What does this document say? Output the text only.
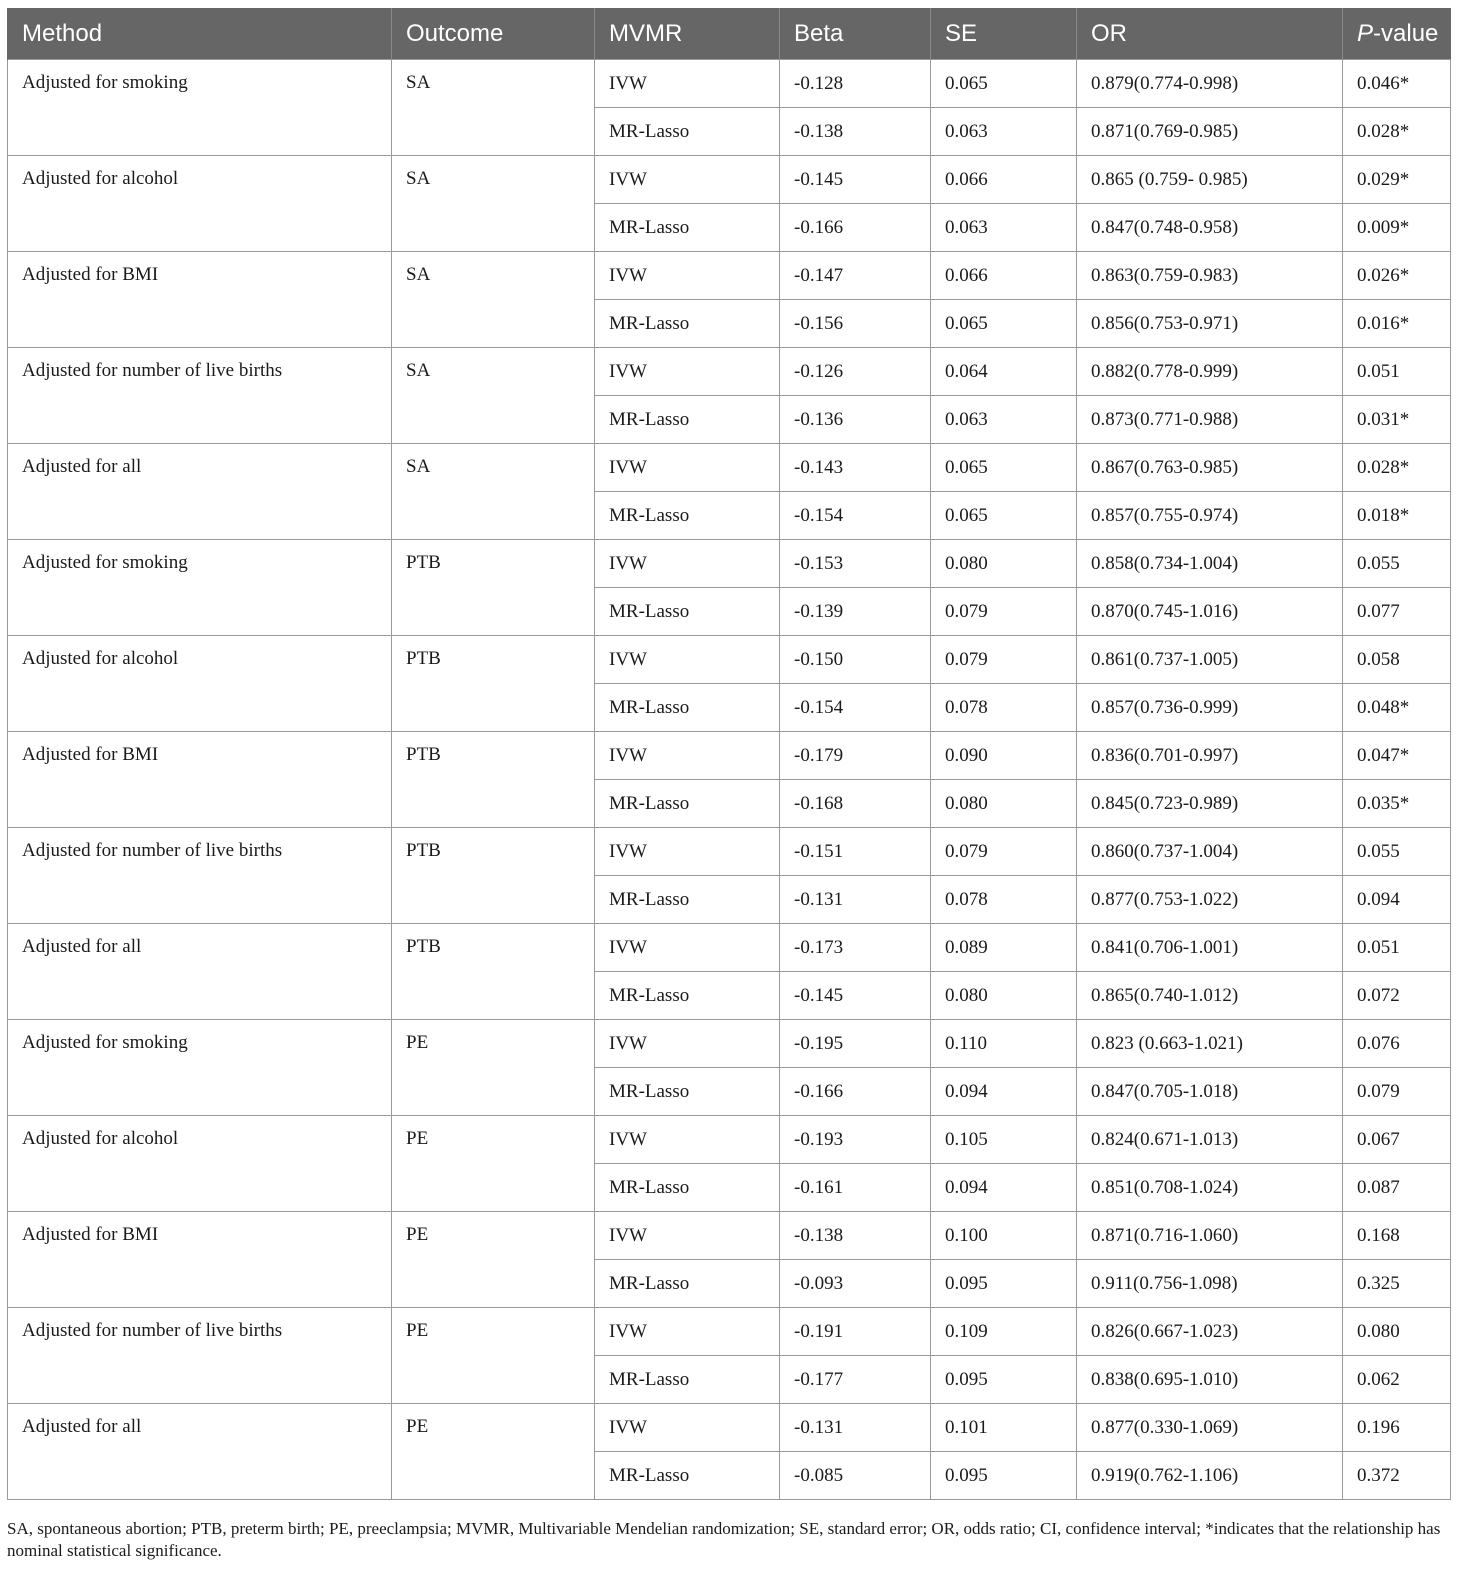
Method	Outcome	MVMR	Beta	SE	OR	P-value
Adjusted for smoking	SA	IVW	-0.128	0.065	0.879(0.774-0.998)	0.046*
		MR-Lasso	-0.138	0.063	0.871(0.769-0.985)	0.028*
Adjusted for alcohol	SA	IVW	-0.145	0.066	0.865 (0.759- 0.985)	0.029*
		MR-Lasso	-0.166	0.063	0.847(0.748-0.958)	0.009*
Adjusted for BMI	SA	IVW	-0.147	0.066	0.863(0.759-0.983)	0.026*
		MR-Lasso	-0.156	0.065	0.856(0.753-0.971)	0.016*
Adjusted for number of live births	SA	IVW	-0.126	0.064	0.882(0.778-0.999)	0.051
		MR-Lasso	-0.136	0.063	0.873(0.771-0.988)	0.031*
Adjusted for all	SA	IVW	-0.143	0.065	0.867(0.763-0.985)	0.028*
		MR-Lasso	-0.154	0.065	0.857(0.755-0.974)	0.018*
Adjusted for smoking	PTB	IVW	-0.153	0.080	0.858(0.734-1.004)	0.055
		MR-Lasso	-0.139	0.079	0.870(0.745-1.016)	0.077
Adjusted for alcohol	PTB	IVW	-0.150	0.079	0.861(0.737-1.005)	0.058
		MR-Lasso	-0.154	0.078	0.857(0.736-0.999)	0.048*
Adjusted for BMI	PTB	IVW	-0.179	0.090	0.836(0.701-0.997)	0.047*
		MR-Lasso	-0.168	0.080	0.845(0.723-0.989)	0.035*
Adjusted for number of live births	PTB	IVW	-0.151	0.079	0.860(0.737-1.004)	0.055
		MR-Lasso	-0.131	0.078	0.877(0.753-1.022)	0.094
Adjusted for all	PTB	IVW	-0.173	0.089	0.841(0.706-1.001)	0.051
		MR-Lasso	-0.145	0.080	0.865(0.740-1.012)	0.072
Adjusted for smoking	PE	IVW	-0.195	0.110	0.823 (0.663-1.021)	0.076
		MR-Lasso	-0.166	0.094	0.847(0.705-1.018)	0.079
Adjusted for alcohol	PE	IVW	-0.193	0.105	0.824(0.671-1.013)	0.067
		MR-Lasso	-0.161	0.094	0.851(0.708-1.024)	0.087
Adjusted for BMI	PE	IVW	-0.138	0.100	0.871(0.716-1.060)	0.168
		MR-Lasso	-0.093	0.095	0.911(0.756-1.098)	0.325
Adjusted for number of live births	PE	IVW	-0.191	0.109	0.826(0.667-1.023)	0.080
		MR-Lasso	-0.177	0.095	0.838(0.695-1.010)	0.062
Adjusted for all	PE	IVW	-0.131	0.101	0.877(0.330-1.069)	0.196
		MR-Lasso	-0.085	0.095	0.919(0.762-1.106)	0.372
SA, spontaneous abortion; PTB, preterm birth; PE, preeclampsia; MVMR, Multivariable Mendelian randomization; SE, standard error; OR, odds ratio; CI, confidence interval; *indicates that the relationship has nominal statistical significance.
